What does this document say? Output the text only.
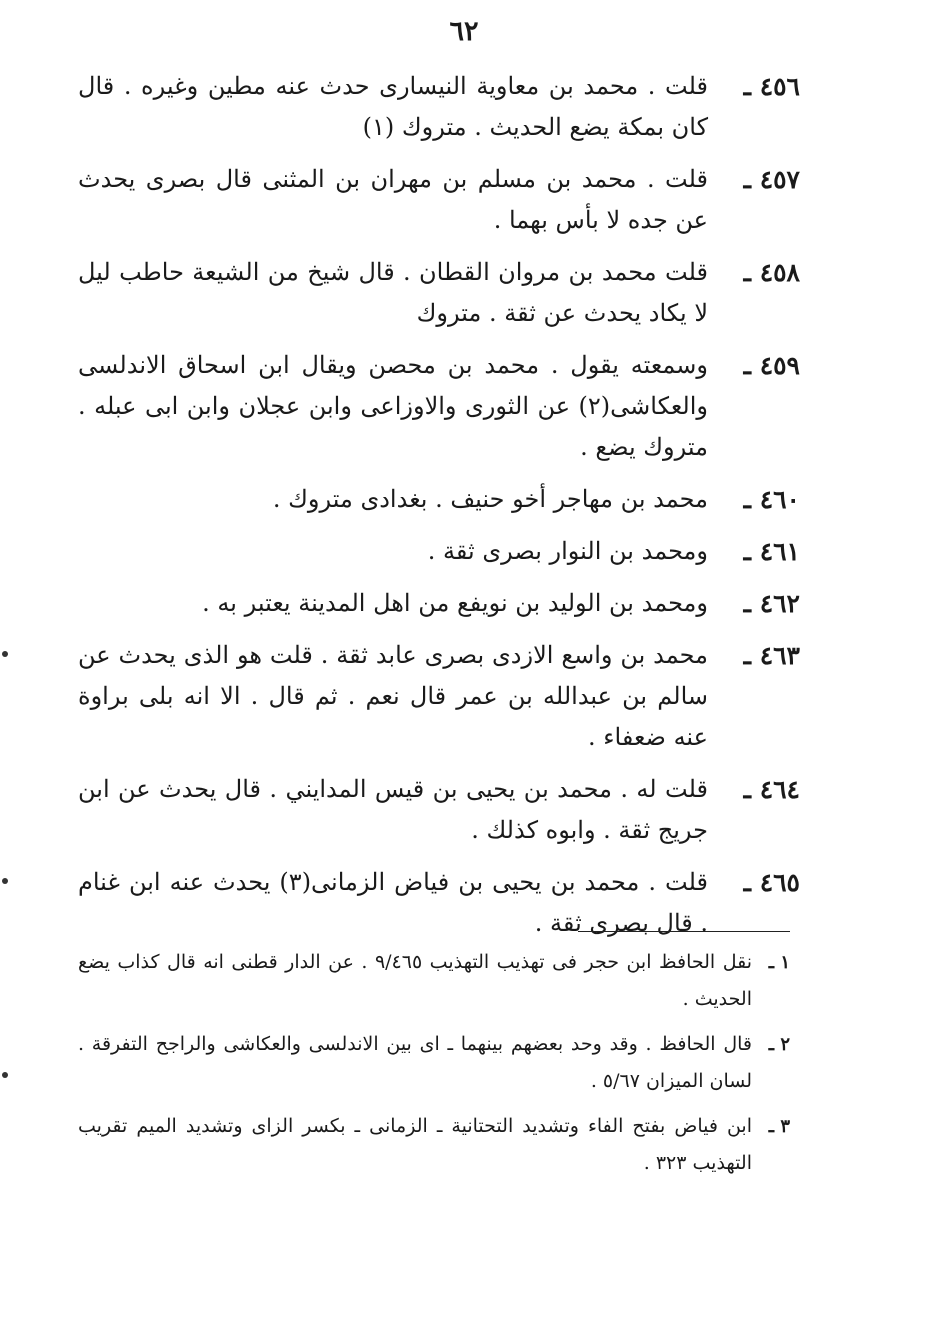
٦٢
٤٥٦ ـ
قلت . محمد بن معاوية النيسارى حدث عنه مطين وغيره . قال كان بمكة يضع الحديث . متروك (١)
٤٥٧ ـ
قلت . محمد بن مسلم بن مهران بن المثنى قال بصرى يحدث عن جده لا بأس بهما .
٤٥٨ ـ
قلت محمد بن مروان القطان . قال شيخ من الشيعة حاطب ليل لا يكاد يحدث عن ثقة . متروك
٤٥٩ ـ
وسمعته يقول . محمد بن محصن ويقال ابن اسحاق الاندلسى والعكاشى(٢) عن الثورى والاوزاعى وابن عجلان وابن ابى عبله . متروك يضع .
٤٦٠ ـ
محمد بن مهاجر أخو حنيف . بغدادى متروك .
٤٦١ ـ
ومحمد بن النوار بصرى ثقة .
٤٦٢ ـ
ومحمد بن الوليد بن نويفع من اهل المدينة يعتبر به .
٤٦٣ ـ
محمد بن واسع الازدى بصرى عابد ثقة . قلت هو الذى يحدث عن سالم بن عبدالله بن عمر قال نعم . ثم قال . الا انه بلى براوة عنه ضعفاء .
٤٦٤ ـ
قلت له . محمد بن يحيى بن قيس المدايني . قال يحدث عن ابن جريج ثقة . وابوه كذلك .
٤٦٥ ـ
قلت . محمد بن يحيى بن فياض الزمانى(٣) يحدث عنه ابن غنام . قال بصرى ثقة .
١ ـ
نقل الحافظ ابن حجر فى تهذيب التهذيب ٩/٤٦٥ . عن الدار قطنى انه قال كذاب يضع الحديث .
٢ ـ
قال الحافظ . وقد وحد بعضهم بينهما ـ اى بين الاندلسى والعكاشى والراجح التفرقة . لسان الميزان ٥/٦٧ .
٣ ـ
ابن فياض بفتح الفاء وتشديد التحتانية ـ الزمانى ـ بكسر الزاى وتشديد الميم تقريب التهذيب ٣٢٣ .
